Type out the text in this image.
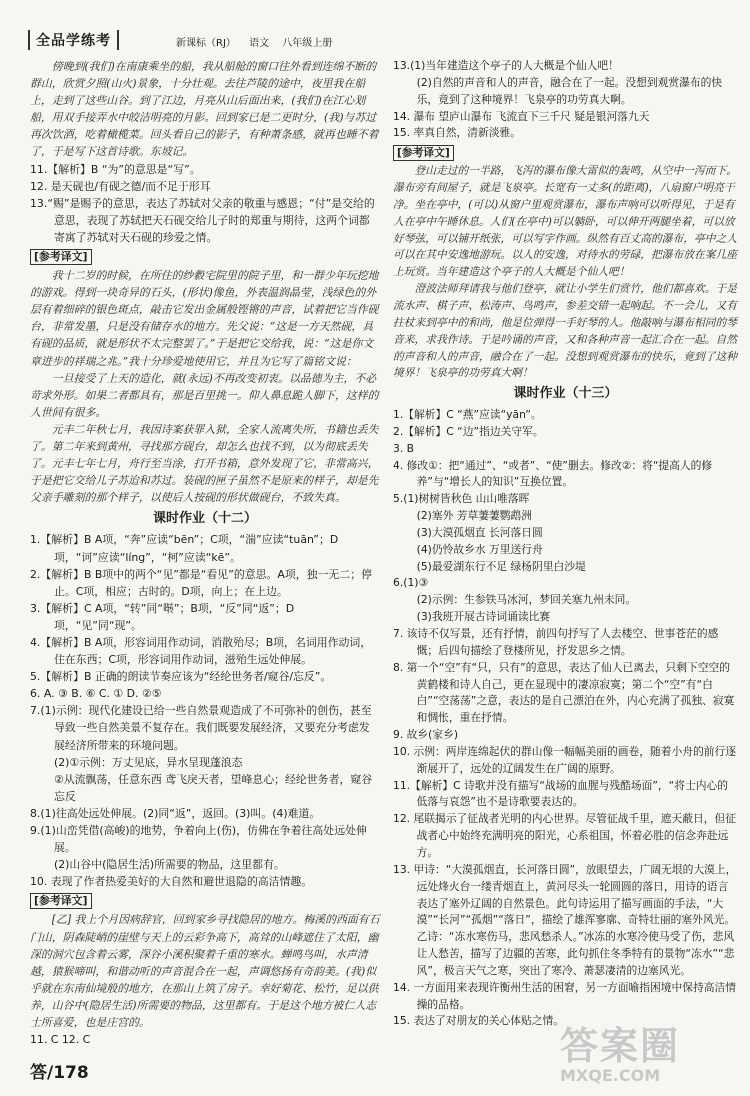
全品学练考	新课标（RJ） 语文 八年级上册

傍晚到(我们)在南康乘坐的船，我从船舱的窗口往外看到连绵不断的群山，欣赏夕照(山火)景象，十分壮观。去往芦陵的途中，夜里我在船上，走到了这些山谷。到了江边，月亮从山后面出来，(我们)在江心划船，用双手接弄水中皎洁明亮的月影。回到家已是二更时分，(我)与苏过再次饮酒，吃着橄榄菜。回头看自己的影子，有种萧条感，就再也睡不着了，于是写下这首诗歌。东坡记。

11.【解析】B “为”的意思是“写”。

12. 是天砚也/有砚之德/而不足于形耳

13.“赐”是赐予的意思，表达了苏轼对父亲的敬重与感恩；“付”是交给的意思，表现了苏轼把天石砚交给儿子时的郑重与期待，这两个词都寄寓了苏轼对天石砚的珍爱之情。

[参考译文]

我十二岁的时候，在所住的纱縠宅院里的院子里，和一群少年玩挖地的游戏。得到一块奇异的石头，(形状)像鱼，外表温润晶莹，浅绿色的外层有着细碎的银色斑点，敲击它发出金属般铿锵的声音，试着把它当作砚台，非常发墨，只是没有储存水的地方。先父说：“这是一方天然砚，具有砚的品质，就是形状不太完整罢了。”于是把它交给我，说：“这是你文章进步的祥瑞之兆。”我十分珍爱地使用它，并且为它写了篇铭文说：

一旦接受了上天的造化，就(永远)不再改变初衷。以品德为主，不必苛求外形。如果二者都具有，那是百里挑一。仰人鼻息跪人脚下，这样的人世间有很多。

元丰二年秋七月，我因诗案获罪入狱，全家人流离失所，书籍也丢失了。第二年来到黄州，寻找那方砚台，却怎么也找不到，以为彻底丢失了。元丰七年七月，舟行至当涂，打开书箱，意外发现了它，非常高兴，于是把它交给儿子苏迨和苏过。装砚的匣子虽然不是原来的样子，却是先父亲手雕刻的那个样子，以使后人按砚的形状做砚台，不致失真。

课时作业（十二）

1.【解析】B A项，“奔”应读“bēn”；C项，“湍”应读“tuān”；D项，“诃”应读“líng”，“柯”应读“kē”。

2.【解析】B B项中的两个“见”都是“看见”的意思。A项，独一无二；停止。C项，相应；古时的。D项，向上；在上边。

3.【解析】C A项，“转”同“啭”；B项，“反”同“返”；D项，“见”同“现”。

4.【解析】B A项，形容词用作动词，消散殆尽；B项，名词用作动词，住在东西；C项，形容词用作动词，滋殆生远处伸展。

5.【解析】B 正确的朗读节奏应该为“经纶世务者/窥谷/忘反”。

6. A. ③ B. ⑥ C. ① D. ②⑤

7.(1)示例：现代化建设已给一些自然景观造成了不可弥补的创伤，甚至导致一些自然美景不复存在。我们既要发展经济，又要充分考虑发展经济所带来的环境问题。

(2)①示例：万丈见底，异水呈现蓬浪态

②从流飘荡，任意东西 鸢飞戾天者，望峰息心；经纶世务者，窥谷忘反

8.(1)往高处远处伸展。(2)同“返”，返回。(3)叫。(4)难道。

9.(1)山峦凭借(高峻)的地势，争着向上(伤)，仿佛在争着往高处远处伸展。

(2)山谷中(隐居生活)所需要的物品，这里都有。

10. 表现了作者热爱美好的大自然和避世退隐的高洁情趣。

[参考译文]

[乙] 我上个月因病辞官，回到家乡寻找隐居的地方。梅溪的西面有石门山，阴森陡峭的崖壁与天上的云彩争高下，高耸的山峰遮住了太阳，幽深的洞穴包含着云雾，深谷小溪积聚着千重的寒水。蝉鸣鸟叫，水声清越，猿猴啼叫，和谐动听的声音混合在一起，声调悠扬有奇韵美。(我)似乎就在东南仙境般的地方，在那山上筑了房子。幸好菊花、松竹，足以供养，山谷中(隐居生活)所需要的物品，这里都有。于是这个地方被仁人志士所喜爱，也是庄宫的。

11. C 12. C

13.(1)当年建造这个亭子的人大概是个仙人吧！

(2)自然的声音和人的声音，融合在了一起。没想到观赏瀑布的快乐，竟到了这种境界！飞泉亭的功劳真大啊。

14. 瀑布 望庐山瀑布 飞流直下三千尺 疑是银河落九天

15. 率真自然，清新淡雅。

[参考译文]

登山走过的一半路，飞泻的瀑布像大雷似的轰鸣，从空中一泻而下。瀑布旁有间屋子，就是飞泉亭。长宽有一丈多(的距离)，八扇窗户明亮干净。坐在亭中，(可以)从窗户里观赏瀑布，瀑布声响可以听得见，于是有人在亭中午睡休息。人们(在亭中)可以躺卧，可以伸开两腿坐着，可以放好琴弦，可以铺开纸张，可以写字作画。纵然有百丈高的瀑布，亭中之人可以在其中安逸地游玩。以人的安逸，对待水的劳碌，把瀑布放在案几座上玩赏。当年建造这个亭子的人大概是个仙人吧！

澄波法师拜请我与他们登亭，就让小学生们赏竹，他们都喜欢。于是流水声、棋子声、松涛声、鸟鸣声，参差交错一起响起。不一会儿，又有拄杖来到亭中的和尚，他是位弹得一手好琴的人。他敲响与瀑布相同的琴音来，求我作诗。于是吟诵的声音，又和各种声音一起汇合在一起。自然的声音和人的声音，融合在了一起。没想到观赏瀑布的快乐，竟到了这种境界！飞泉亭的功劳真大啊！

课时作业（十三）

1.【解析】C “燕”应读“yān”。

2.【解析】C “边”指边关守军。

3. B

4. 修改①：把“通过”、“或者”、“使”删去。修改②：将“提高人的修养”与“增长人的知识”互换位置。

5.(1)树树皆秋色 山山唯落晖

(2)塞外 芳草萋萋鹦鹉洲

(3)大漠孤烟直 长河落日圆

(4)仍怜故乡水 万里送行舟

(5)最爱湖东行不足 绿杨阴里白沙堤

6.(1)③

(2)示例：生参铁马冰河，梦回关塞九州未同。

(3)我班开展古诗词诵读比赛

7. 该诗不仅写景，还有抒情，前四句抒写了人去楼空、世事苍茫的感慨；后四句描绘了登楼所见，抒发思乡之情。

8. 第一个“空”有“只，只有”的意思，表达了仙人已离去，只剩下空空的黄鹤楼和诗人自己，更在显现中的凄凉寂寞；第二个“空”有“白白”“空荡荡”之意，表达的是自己漂泊在外，内心充满了孤独、寂寞和惆怅，重在抒情。

9. 故乡(家乡)

10. 示例：两岸连绵起伏的群山像一幅幅美丽的画卷，随着小舟的前行逐渐展开了，远处的辽阔发生在广阔的原野。

11.【解析】C 诗歌并没有描写“战场的血腥与残酷场面”，“将士内心的低落与哀怨”也不是诗歌要表达的。

12. 尾联揭示了征战者光明的内心世界。尽管征战千里，遮天蔽日，但征战者心中始终充满明亮的阳光，心系祖国，怀着必胜的信念奔赴远方。

13. 甲诗：“大漠孤烟直，长河落日圆”，放眼望去，广阔无垠的大漠上，远处烽火台一缕青烟直上，黄河尽头一轮圆圆的落日，用诗的语言表达了塞外辽阔的自然景色。此句诗运用了描写画面的手法，“大漠”“长河”“孤烟”“落日”，描绘了雄浑寥廓、奇特壮丽的塞外风光。

乙诗：“冻水寒伤马，悲风愁杀人。”冰冻的水寒冷使马受了伤，悲风让人愁苦，描写了边疆的苦寒，此句抓住冬季特有的景物“冻水”“悲风”，极言天气之寒，突出了寒冷、萧瑟凄清的边塞风光。

14. 一方面用来表现许衡州生活的困窘，另一方面喻指困境中保持高洁情操的品格。

15. 表达了对朋友的关心体贴之情。

答/178
答案圈
MXQE.COM
